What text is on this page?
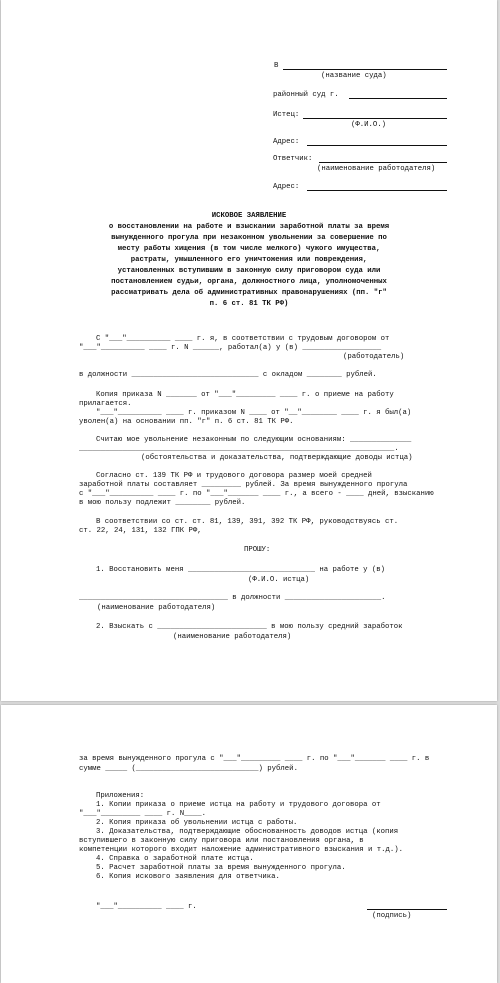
В
(название суда)
районный суд г.
Истец:
(Ф.И.О.)
Адрес:
Ответчик:
(наименование работодателя)
Адрес:
ИСКОВОЕ ЗАЯВЛЕНИЕ
о восстановлении на работе и взыскании заработной платы за время
вынужденного прогула при незаконном увольнении за совершение по
месту работы хищения (в том числе мелкого) чужого имущества,
растраты, умышленного его уничтожения или повреждения,
установленных вступившим в законную силу приговором суда или
постановлением судьи, органа, должностного лица, уполномоченных
рассматривать дела об административных правонарушениях (пп. "г"
п. 6 ст. 81 ТК РФ)
С "___"__________ ____ г. я, в соответствии с трудовым договором от
"___"__________ ____ г. N ______, работал(а) у (в) __________________
(работодатель)
в должности _____________________________ с окладом ________ рублей.
Копия приказа N _______ от "___"_________ ____ г. о приеме на работу
прилагается.
"___"__________ ____ г. приказом N ____ от "__"________ ____ г. я был(а)
уволен(а) на основании пп. "г" п. 6 ст. 81 ТК РФ.
Считаю мое увольнение незаконным по следующим основаниям: ______________
________________________________________________________________________.
(обстоятельства и доказательства, подтверждающие доводы истца)
Согласно ст. 139 ТК РФ и трудового договора размер моей средней
заработной платы составляет _________ рублей. За время вынужденного прогула
с "___"__________ ____ г. по "___"_______ ____ г., а всего - ____ дней, взысканию
в мою пользу подлежит ________ рублей.
В соответствии со ст. ст. 81, 139, 391, 392 ТК РФ, руководствуясь ст.
ст. 22, 24, 131, 132 ГПК РФ,
ПРОШУ:
1. Восстановить меня _____________________________ на работе у (в)
(Ф.И.О. истца)
__________________________________ в должности ______________________.
(наименование работодателя)
2. Взыскать с _________________________ в мою пользу средний заработок
(наименование работодателя)
за время вынужденного прогула с "___"_________ ____ г. по "___"_______ ____ г. в
сумме _____ (____________________________) рублей.
Приложения:
1. Копии приказа о приеме истца на работу и трудового договора от
"___"_________ ____ г. N____.
2. Копия приказа об увольнении истца с работы.
3. Доказательства, подтверждающие обоснованность доводов истца (копия
вступившего в законную силу приговора или постановления органа, в
компетенции которого входит наложение административного взыскания и т.д.).
4. Справка о заработной плате истца.
5. Расчет заработной платы за время вынужденного прогула.
6. Копия искового заявления для ответчика.
"___"__________ ____ г.
(подпись)
